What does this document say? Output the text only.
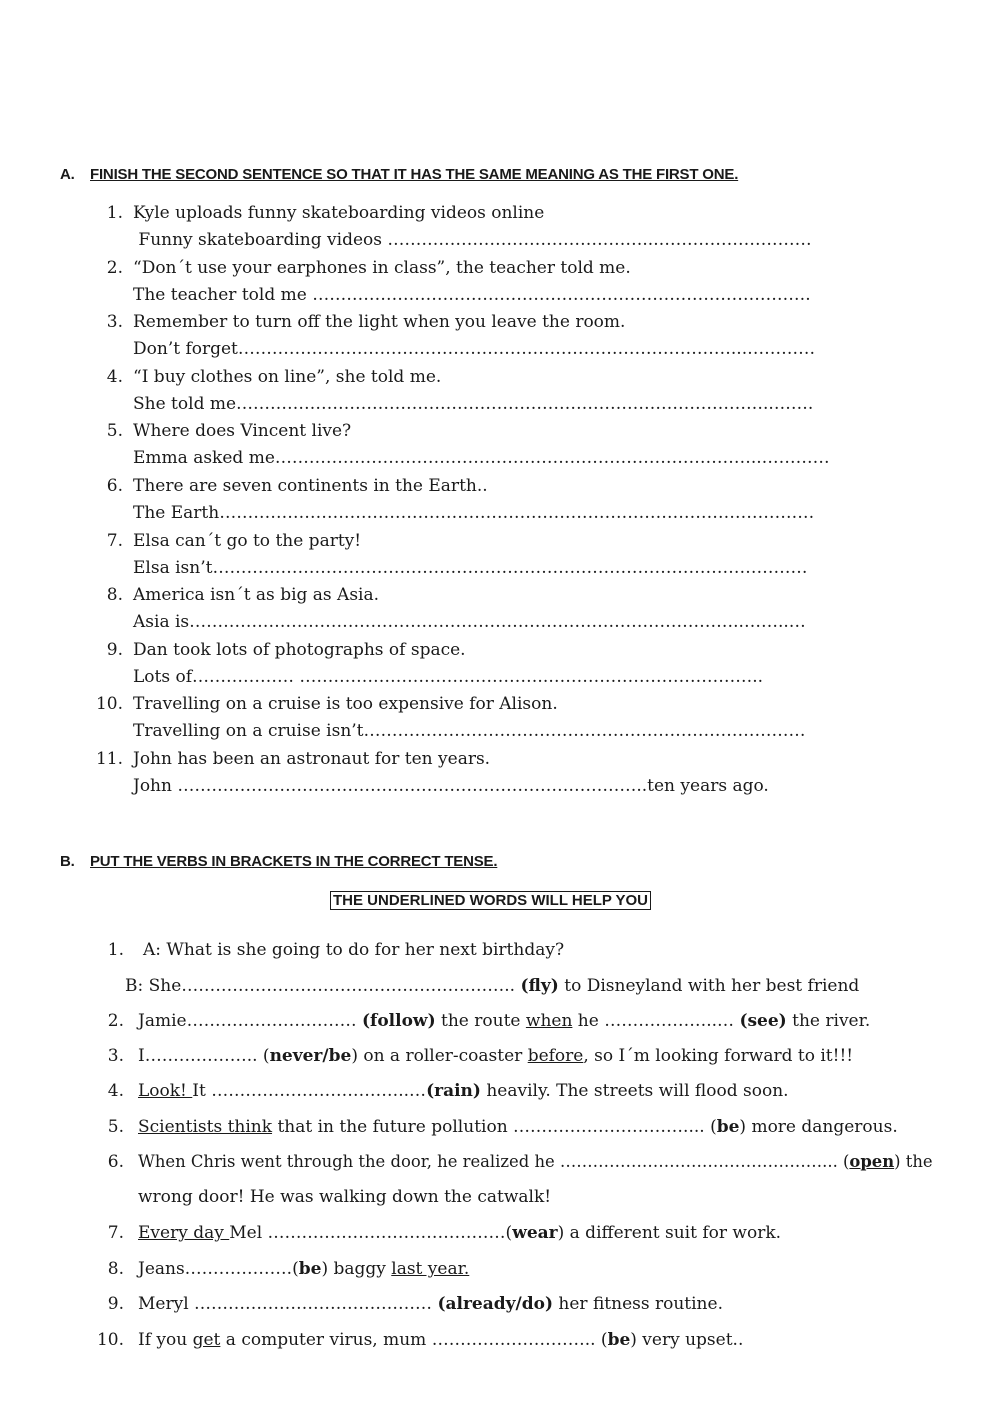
A. FINISH THE SECOND SENTENCE SO THAT IT HAS THE SAME MEANING AS THE FIRST ONE.
1. Kyle uploads funny skateboarding videos online
Funny skateboarding videos ………………………………………...………………………
2. “Don´t use your earphones in class”, the teacher told me.
The teacher told me …………………………………………………………………………….
3. Remember to turn off the light when you leave the room.
Don’t forget……………………………………………………………………………...…………
4. “I buy clothes on line”, she told me.
She told me…………………………………………………………………………………..…….
5. Where does Vincent live?
Emma asked me…………………………………………………………………………..…………
6. There are seven continents in the Earth..
The Earth……………………………………………………………………………………………
7. Elsa can´t go to the party!
Elsa isn’t……………………………………………………………………………………………
8. America isn´t as big as Asia.
Asia is……………………………………………………………………………………..……..…
9. Dan took lots of photographs of space.
Lots of……………… ……………………………………..………………………………..
10. Travelling on a cruise is too expensive for Alison.
Travelling on a cruise isn’t……………………………………………………………………
11. John has been an astronaut for ten years.
John ………………………………………………………………………..ten years ago.
B. PUT THE VERBS IN BRACKETS IN THE CORRECT TENSE.
THE UNDERLINED WORDS WILL HELP YOU
1. A: What is she going to do for her next birthday?
B: She………………………………………………….. (fly) to Disneyland with her best friend
2. Jamie………………………… (follow) the route when he ………………..… (see) the river.
3. I……………….. (never/be) on a roller-coaster before, so I´m looking forward to it!!!
4. Look! It ……………………………..…(rain) heavily. The streets will flood soon.
5. Scientists think that in the future pollution ………………………….... (be) more dangerous.
6. When Chris went through the door, he realized he …………………………………………... (open) the
wrong door! He was walking down the catwalk!
7. Every day Mel ……………………………………(wear) a different suit for work.
8. Jeans……………….(be) baggy last year.
9. Meryl …………………………………… (already/do) her fitness routine.
10. If you get a computer virus, mum ……………………….. (be) very upset..
